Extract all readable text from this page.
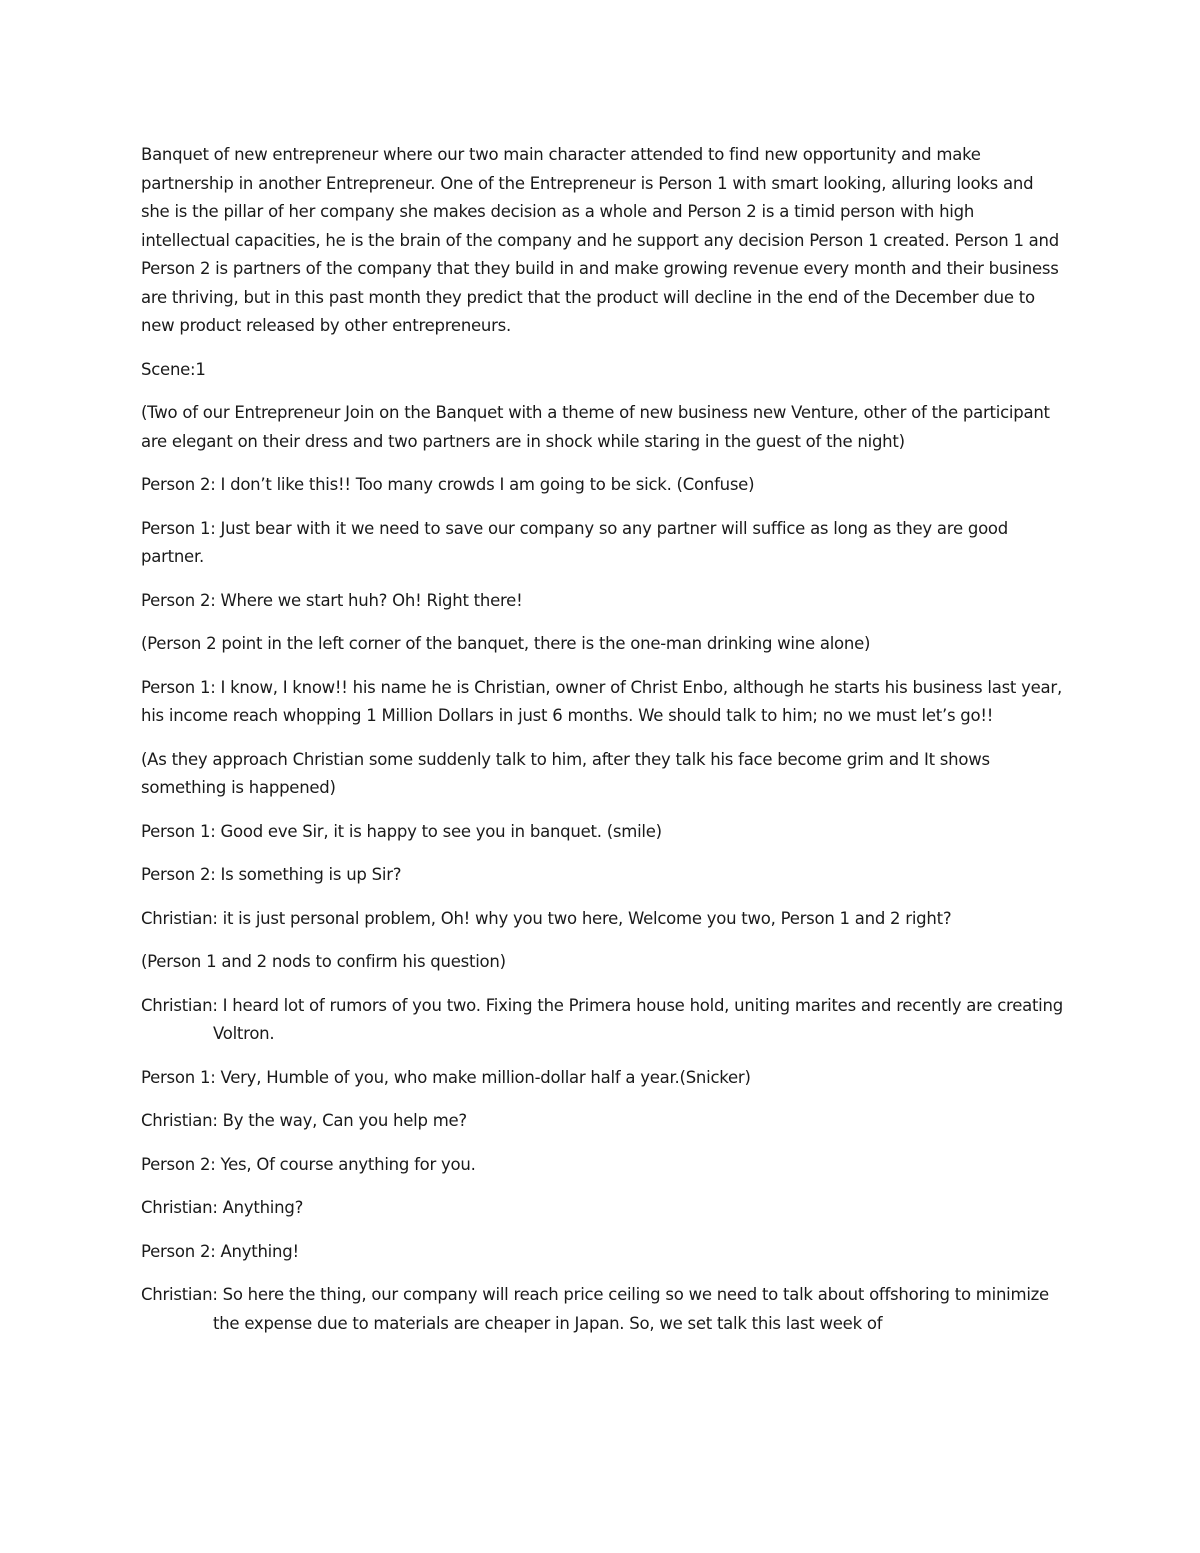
Banquet of new entrepreneur where our two main character attended to find new opportunity and make partnership in another Entrepreneur. One of the Entrepreneur is Person 1 with smart looking, alluring looks and she is the pillar of her company she makes decision as a whole and Person 2 is a timid person with high intellectual capacities, he is the brain of the company and he support any decision Person 1 created. Person 1 and Person 2 is partners of the company that they build in and make growing revenue every month and their business are thriving, but in this past month they predict that the product will decline in the end of the December due to new product released by other entrepreneurs.

Scene:1

(Two of our Entrepreneur Join on the Banquet with a theme of new business new Venture, other of the participant are elegant on their dress and two partners are in shock while staring in the guest of the night)

Person 2: I don’t like this!! Too many crowds I am going to be sick. (Confuse)

Person 1: Just bear with it we need to save our company so any partner will suffice as long as they are good partner.

Person 2: Where we start huh? Oh! Right there!

(Person 2 point in the left corner of the banquet, there is the one-man drinking wine alone)

Person 1: I know, I know!! his name he is Christian, owner of Christ Enbo, although he starts his business last year, his income reach whopping 1 Million Dollars in just 6 months. We should talk to him; no we must let’s go!!

(As they approach Christian some suddenly talk to him, after they talk his face become grim and It shows something is happened)

Person 1: Good eve Sir, it is happy to see you in banquet. (smile)

Person 2: Is something is up Sir?

Christian: it is just personal problem, Oh! why you two here, Welcome you two, Person 1 and 2 right?

(Person 1 and 2 nods to confirm his question)

Christian: I heard lot of rumors of you two. Fixing the Primera house hold, uniting marites and recently are creating Voltron.

Person 1: Very, Humble of you, who make million-dollar half a year.(Snicker)

Christian: By the way, Can you help me?

Person 2: Yes, Of course anything for you.

Christian: Anything?

Person 2: Anything!

Christian: So here the thing, our company will reach price ceiling so we need to talk about offshoring to minimize the expense due to materials are cheaper in Japan. So, we set talk this last week of
